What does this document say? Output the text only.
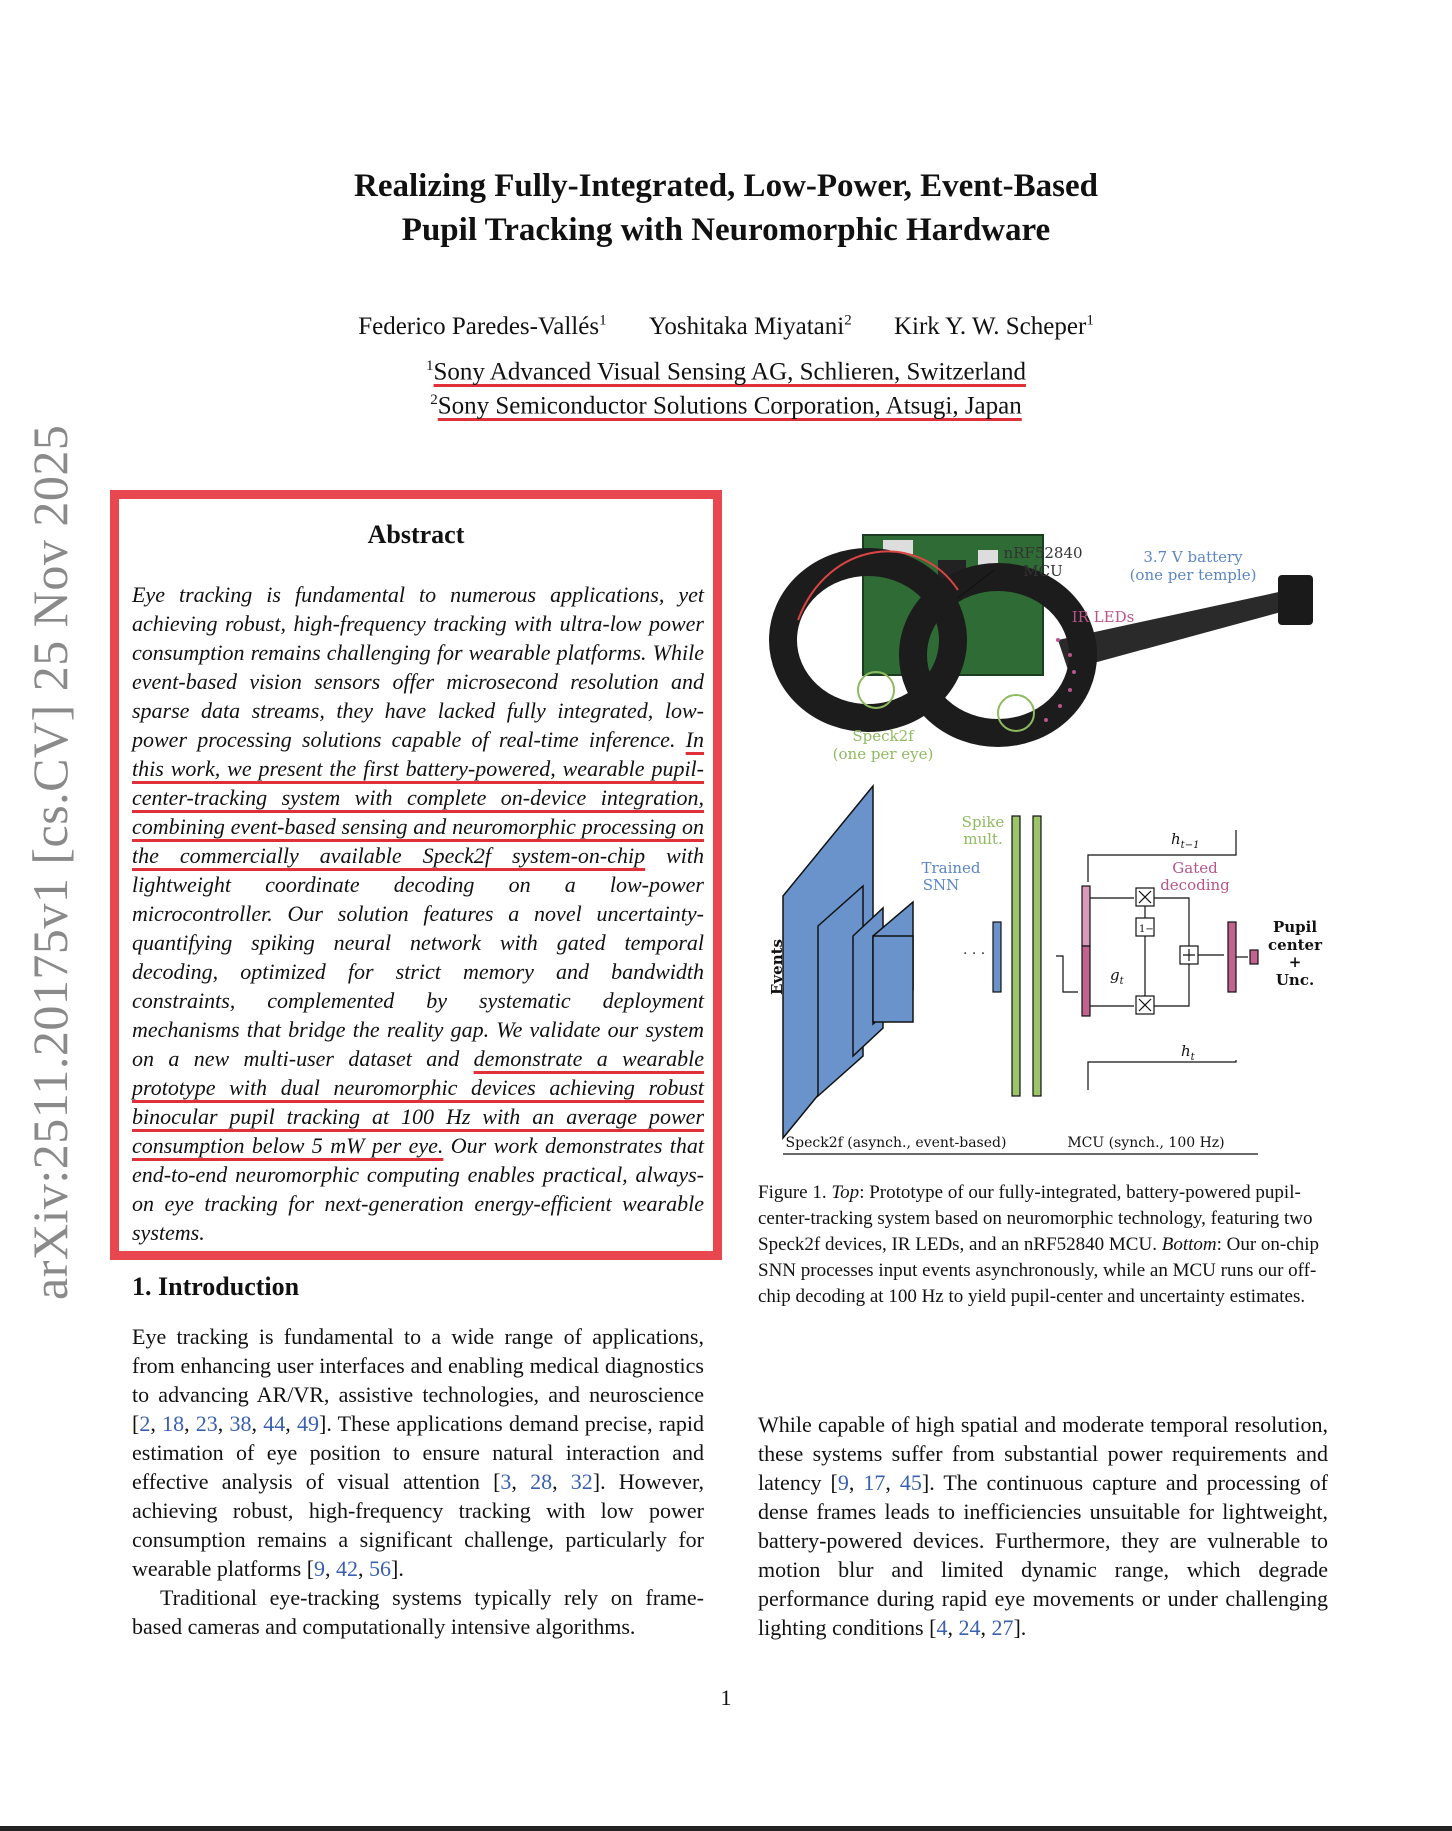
arXiv:2511.20175v1 [cs.CV] 25 Nov 2025
Realizing Fully-Integrated, Low-Power, Event-Based
Pupil Tracking with Neuromorphic Hardware
Federico Paredes-Vallés$^1$ Yoshitaka Miyatani$^2$ Kirk Y. W. Scheper$^1$
$^1$Sony Advanced Visual Sensing AG, Schlieren, Switzerland
$^2$Sony Semiconductor Solutions Corporation, Atsugi, Japan
Abstract
Eye tracking is fundamental to numerous applications, yet achieving robust, high-frequency tracking with ultra-low power consumption remains challenging for wearable platforms. While event-based vision sensors offer microsecond resolution and sparse data streams, they have lacked fully integrated, low-power processing solutions capable of real-time inference. In this work, we present the first battery-powered, wearable pupil-center-tracking system with complete on-device integration, combining event-based sensing and neuromorphic processing on the commercially available Speck2f system-on-chip with lightweight coordinate decoding on a low-power microcontroller. Our solution features a novel uncertainty-quantifying spiking neural network with gated temporal decoding, optimized for strict memory and bandwidth constraints, complemented by systematic deployment mechanisms that bridge the reality gap. We validate our system on a new multi-user dataset and demonstrate a wearable prototype with dual neuromorphic devices achieving robust binocular pupil tracking at 100 Hz with an average power consumption below 5 mW per eye. Our work demonstrates that end-to-end neuromorphic computing enables practical, always-on eye tracking for next-generation energy-efficient wearable systems.
1. Introduction

Eye tracking is fundamental to a wide range of applications, from enhancing user interfaces and enabling medical diagnostics to advancing AR/VR, assistive technologies, and neuroscience [2, 18, 23, 38, 44, 49]. These applications demand precise, rapid estimation of eye position to ensure natural interaction and effective analysis of visual attention [3, 28, 32]. However, achieving robust, high-frequency tracking with low power consumption remains a significant challenge, particularly for wearable platforms [9, 42, 56].

Traditional eye-tracking systems typically rely on frame-based cameras and computationally intensive algorithms.

nRF52840
MCU
3.7 V battery
(one per temple)
IR LEDs
Speck2f
(one per eye)
· · ·
1−
Events
Spike
mult.
Trained
SNN
Gated
decoding
Pupil
center
+
Unc.
$h_{t-1}$
$h_t$
$g_t$
Speck2f (asynch., event-based)	MCU (synch., 100 Hz)
Figure 1. Top: Prototype of our fully-integrated, battery-powered pupil-center-tracking system based on neuromorphic technology, featuring two Speck2f devices, IR LEDs, and an nRF52840 MCU. Bottom: Our on-chip SNN processes input events asynchronously, while an MCU runs our off-chip decoding at 100 Hz to yield pupil-center and uncertainty estimates.

While capable of high spatial and moderate temporal resolution, these systems suffer from substantial power requirements and latency [9, 17, 45]. The continuous capture and processing of dense frames leads to inefficiencies unsuitable for lightweight, battery-powered devices. Furthermore, they are vulnerable to motion blur and limited dynamic range, which degrade performance during rapid eye movements or under challenging lighting conditions [4, 24, 27].

1
